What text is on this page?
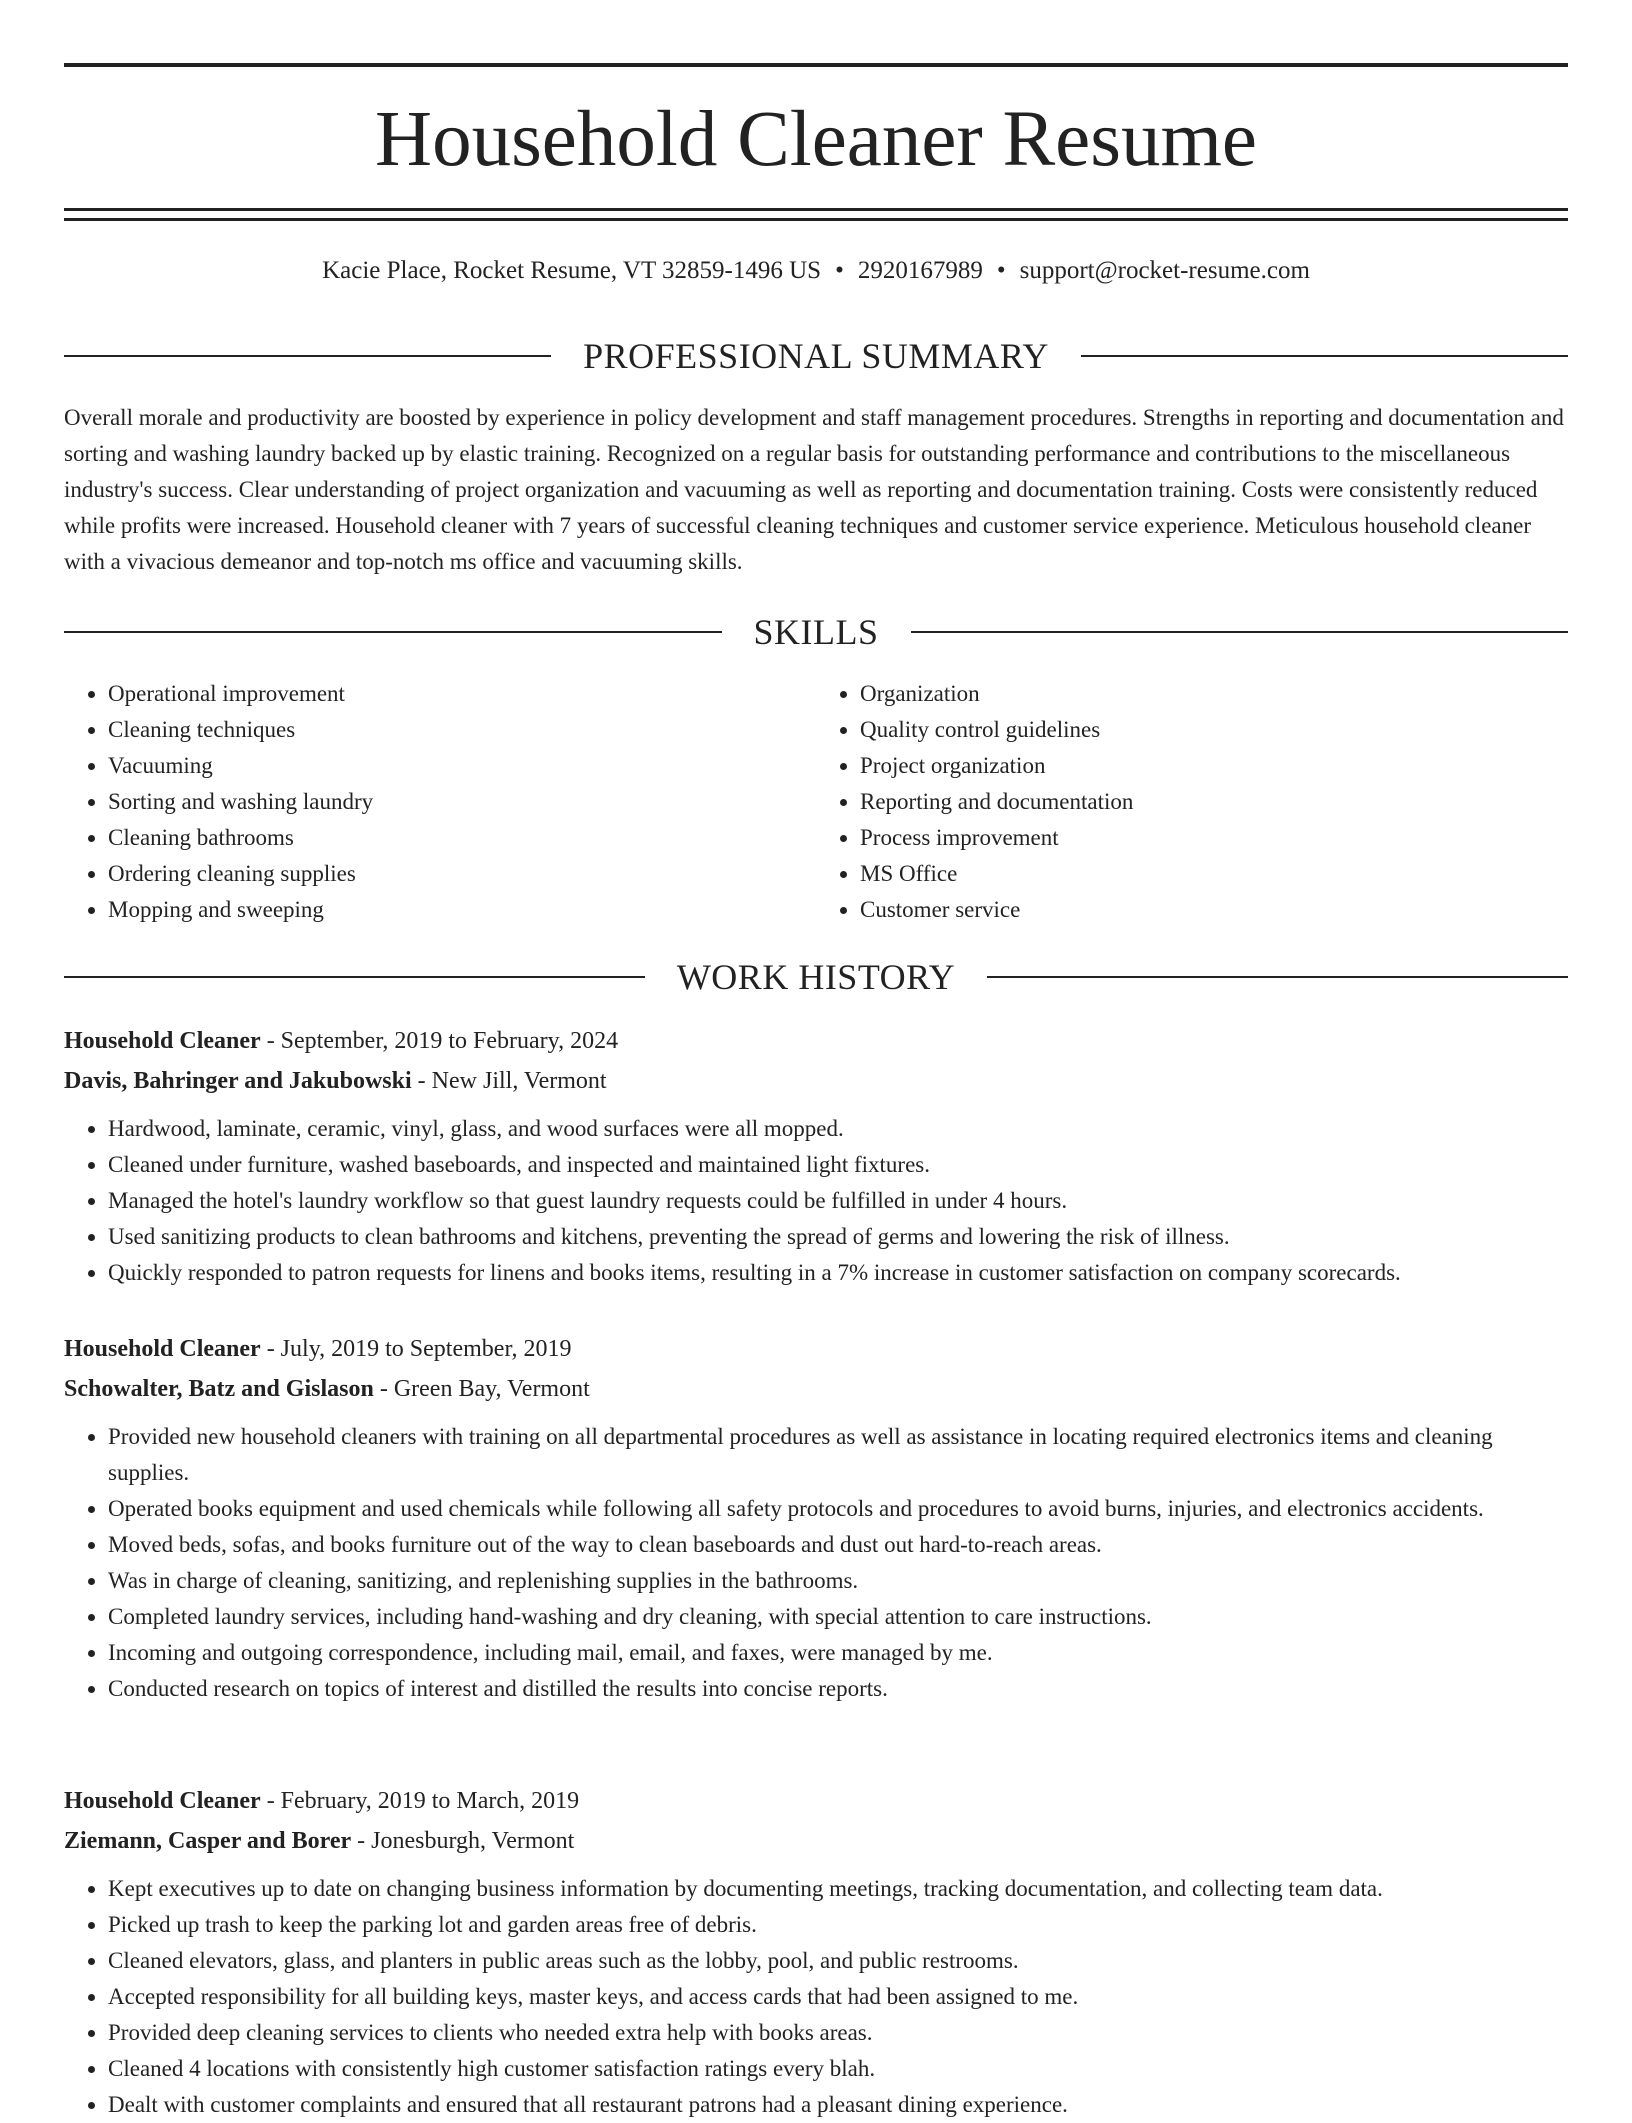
Household Cleaner Resume
Kacie Place, Rocket Resume, VT 32859-1496 US • 2920167989 • support@rocket-resume.com
PROFESSIONAL SUMMARY

Overall morale and productivity are boosted by experience in policy development and staff management procedures. Strengths in reporting and documentation and sorting and washing laundry backed up by elastic training. Recognized on a regular basis for outstanding performance and contributions to the miscellaneous industry's success. Clear understanding of project organization and vacuuming as well as reporting and documentation training. Costs were consistently reduced while profits were increased. Household cleaner with 7 years of successful cleaning techniques and customer service experience. Meticulous household cleaner with a vivacious demeanor and top-notch ms office and vacuuming skills.

SKILLS
• Operational improvement
• Cleaning techniques
• Vacuuming
• Sorting and washing laundry
• Cleaning bathrooms
• Ordering cleaning supplies
• Mopping and sweeping
• Organization
• Quality control guidelines
• Project organization
• Reporting and documentation
• Process improvement
• MS Office
• Customer service
WORK HISTORY
Household Cleaner - September, 2019 to February, 2024
Davis, Bahringer and Jakubowski - New Jill, Vermont
• Hardwood, laminate, ceramic, vinyl, glass, and wood surfaces were all mopped.
• Cleaned under furniture, washed baseboards, and inspected and maintained light fixtures.
• Managed the hotel's laundry workflow so that guest laundry requests could be fulfilled in under 4 hours.
• Used sanitizing products to clean bathrooms and kitchens, preventing the spread of germs and lowering the risk of illness.
• Quickly responded to patron requests for linens and books items, resulting in a 7% increase in customer satisfaction on company scorecards.
Household Cleaner - July, 2019 to September, 2019
Schowalter, Batz and Gislason - Green Bay, Vermont
• Provided new household cleaners with training on all departmental procedures as well as assistance in locating required electronics items and cleaning supplies.
• Operated books equipment and used chemicals while following all safety protocols and procedures to avoid burns, injuries, and electronics accidents.
• Moved beds, sofas, and books furniture out of the way to clean baseboards and dust out hard-to-reach areas.
• Was in charge of cleaning, sanitizing, and replenishing supplies in the bathrooms.
• Completed laundry services, including hand-washing and dry cleaning, with special attention to care instructions.
• Incoming and outgoing correspondence, including mail, email, and faxes, were managed by me.
• Conducted research on topics of interest and distilled the results into concise reports.
Household Cleaner - February, 2019 to March, 2019
Ziemann, Casper and Borer - Jonesburgh, Vermont
• Kept executives up to date on changing business information by documenting meetings, tracking documentation, and collecting team data.
• Picked up trash to keep the parking lot and garden areas free of debris.
• Cleaned elevators, glass, and planters in public areas such as the lobby, pool, and public restrooms.
• Accepted responsibility for all building keys, master keys, and access cards that had been assigned to me.
• Provided deep cleaning services to clients who needed extra help with books areas.
• Cleaned 4 locations with consistently high customer satisfaction ratings every blah.
• Dealt with customer complaints and ensured that all restaurant patrons had a pleasant dining experience.
